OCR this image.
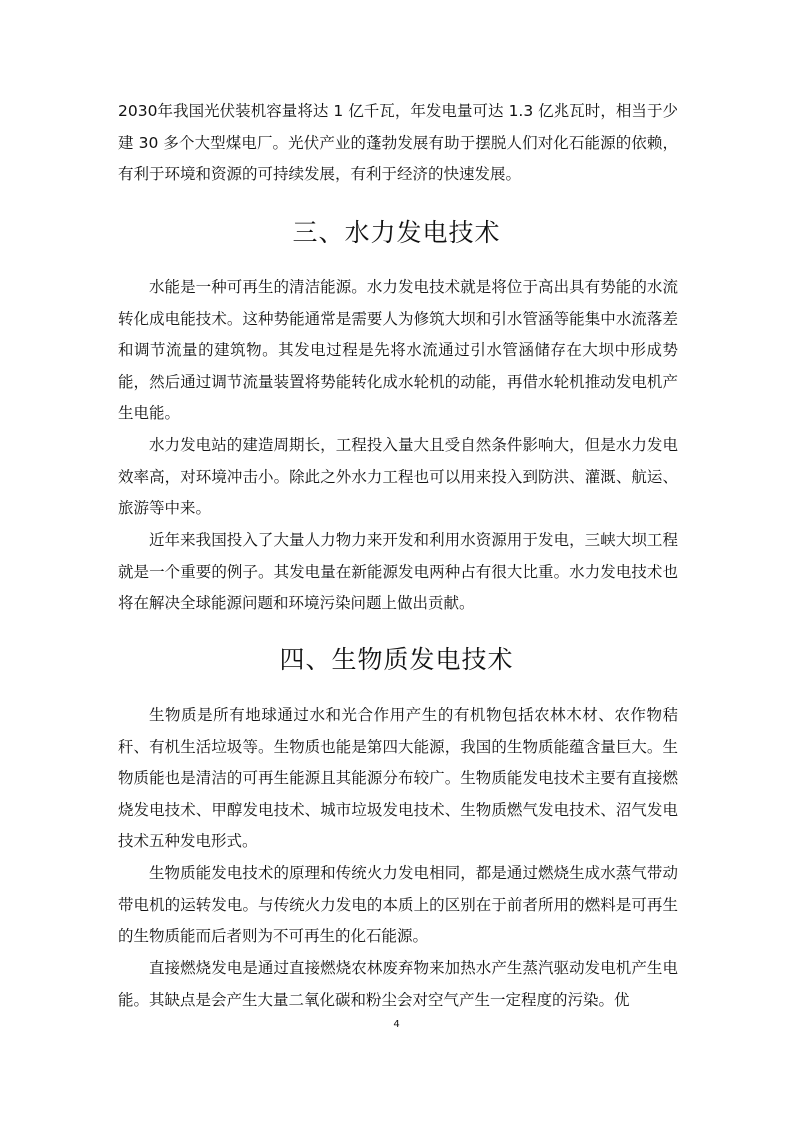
2030年我国光伏装机容量将达 1 亿千瓦，年发电量可达 1.3 亿兆瓦时，相当于少建 30 多个大型煤电厂。光伏产业的蓬勃发展有助于摆脱人们对化石能源的依赖，有利于环境和资源的可持续发展，有利于经济的快速发展。

三、水力发电技术

水能是一种可再生的清洁能源。水力发电技术就是将位于高出具有势能的水流转化成电能技术。这种势能通常是需要人为修筑大坝和引水管涵等能集中水流落差和调节流量的建筑物。其发电过程是先将水流通过引水管涵储存在大坝中形成势能，然后通过调节流量装置将势能转化成水轮机的动能，再借水轮机推动发电机产生电能。

水力发电站的建造周期长，工程投入量大且受自然条件影响大，但是水力发电效率高，对环境冲击小。除此之外水力工程也可以用来投入到防洪、灌溉、航运、旅游等中来。

近年来我国投入了大量人力物力来开发和利用水资源用于发电，三峡大坝工程就是一个重要的例子。其发电量在新能源发电两种占有很大比重。水力发电技术也将在解决全球能源问题和环境污染问题上做出贡献。

四、生物质发电技术

生物质是所有地球通过水和光合作用产生的有机物包括农林木材、农作物秸秆、有机生活垃圾等。生物质也能是第四大能源，我国的生物质能蕴含量巨大。生物质能也是清洁的可再生能源且其能源分布较广。生物质能发电技术主要有直接燃烧发电技术、甲醇发电技术、城市垃圾发电技术、生物质燃气发电技术、沼气发电技术五种发电形式。

生物质能发电技术的原理和传统火力发电相同，都是通过燃烧生成水蒸气带动带电机的运转发电。与传统火力发电的本质上的区别在于前者所用的燃料是可再生的生物质能而后者则为不可再生的化石能源。

直接燃烧发电是通过直接燃烧农林废弃物来加热水产生蒸汽驱动发电机产生电能。其缺点是会产生大量二氧化碳和粉尘会对空气产生一定程度的污染。优

4
